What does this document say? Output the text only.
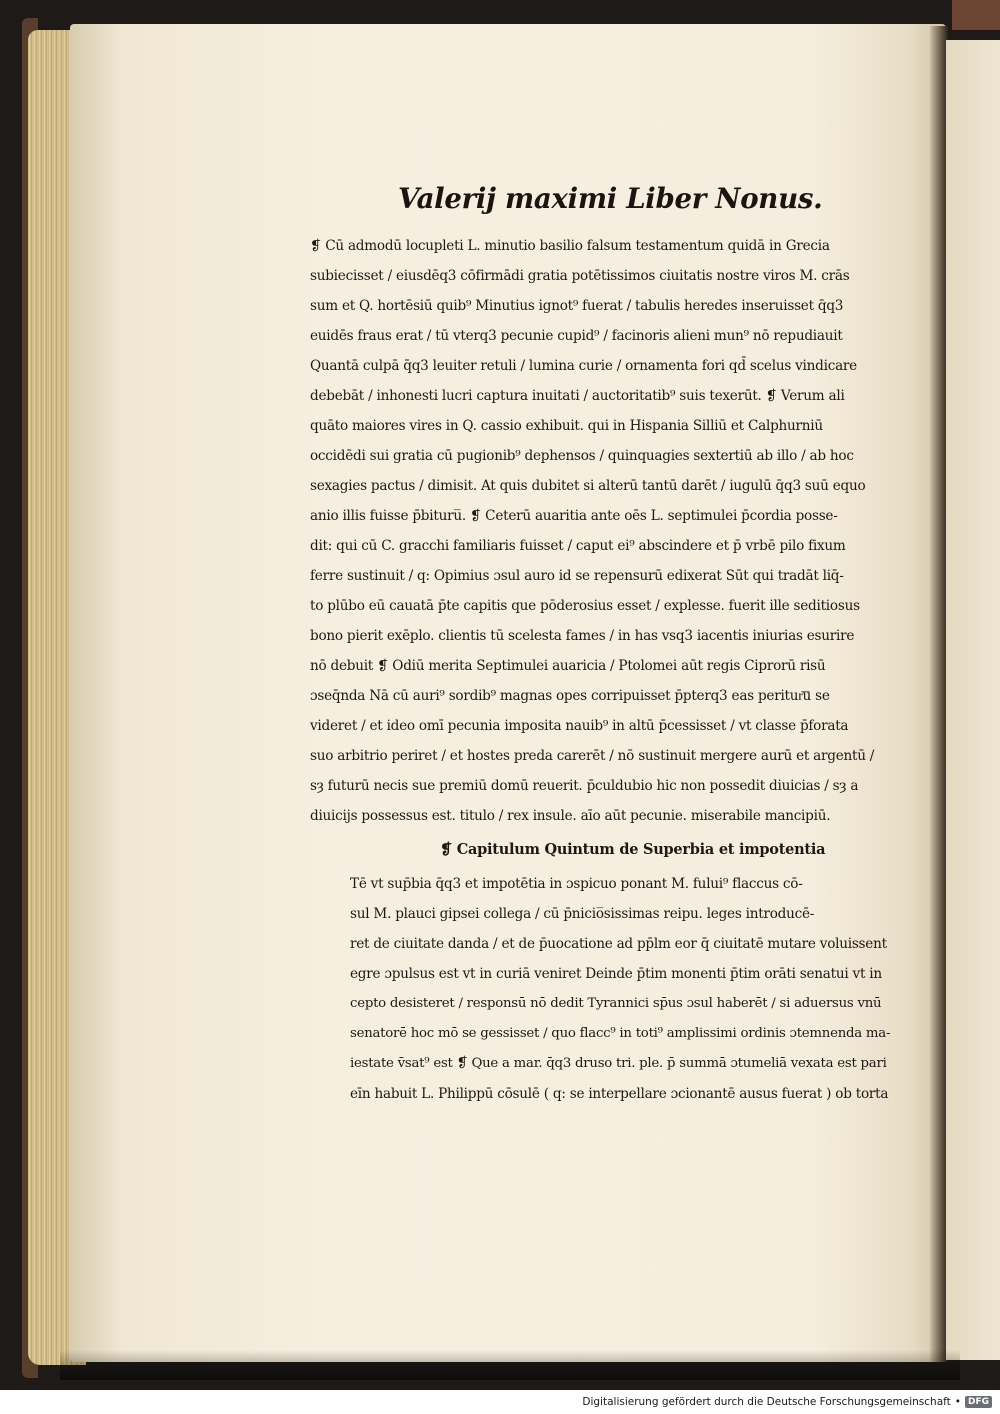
Valerij maximi Liber Nonus.
❡ Cū admodū locupleti L. minutio basilio falsum testamentum quidā in Grecia
subiecisset / eiusdēq3 cōfirmādi gratia potētissimos ciuitatis nostre viros M. crās
sum et Q. hortēsiū quib⁹ Minutius ignot⁹ fuerat / tabulis heredes inseruisset q̄q3
euidēs fraus erat / tū vterq3 pecunie cupid⁹ / facinoris alieni mun⁹ nō repudiauit
Quantā culpā q̄q3 leuiter retuli / lumina curie / ornamenta fori qd̄ scelus vindicare
debebāt / inhonesti lucri captura inuitati / auctoritatib⁹ suis texerūt. ❡ Verum ali
quāto maiores vires in Q. cassio exhibuit. qui in Hispania Silliū et Calphurniū
occidēdi sui gratia cū pugionib⁹ dephensos / quinquagies sextertiū ab illo / ab hoc
sexagies pactus / dimisit. At quis dubitet si alterū tantū darēt / iugulū q̄q3 suū equo
anio illis fuisse p̄bituru̅. ❡ Ceterū auaritia ante oēs L. septimulei p̄cordia posse-
dit: qui cū C. gracchi familiaris fuisset / caput ei⁹ abscindere et p̄ vrbē pilo fixum
ferre sustinuit / q: Opimius ɔsul auro id se repensurū edixerat Sūt qui tradāt liq̄-
to plūbo eū cauatā p̄te capitis que pōderosius esset / explesse. fuerit ille seditiosus
bono pierit exēplo. clientis tū scelesta fames / in has vsq3 iacentis iniurias esurire
nō debuit ❡ Odiū merita Septimulei auaricia / Ptolomei aūt regis Ciprorū risū
ɔseq̄nda Nā cū auri⁹ sordib⁹ magnas opes corripuisset p̄pterq3 eas peritur͞u se
videret / et ideo omī pecunia imposita nauib⁹ in altū p̄cessisset / vt classe p̄forata
suo arbitrio periret / et hostes preda carerēt / nō sustinuit mergere aurū et argentū /
sȝ futurū necis sue premiū domū reuerit. p̄culdubio hic non possedit diuicias / sȝ a
diuicijs possessus est. titulo / rex insule. aīo aūt pecunie. miserabile mancipiū.
❡ Capitulum Quintum de Superbia et impotentia
Tē vt sup̄bia q̄q3 et impotētia in ɔspicuo ponant M. fului⁹ flaccus cō-
sul M. plauci gipsei collega / cū p̄nicio̅sissimas reipu. leges introducē-
ret de ciuitate danda / et de p̄uocatione ad pp̄lm eor q̄ ciuitatē mutare voluissent
egre ɔpulsus est vt in curiā veniret Deinde p̄tim monenti p̄tim orāti senatui vt in
cepto desisteret / responsū nō dedit Tyrannici sp̄us ɔsul haberēt / si aduersus vnū
senatorē hoc mō se gessisset / quo flacc⁹ in toti⁹ amplissimi ordinis ɔtemnenda ma-
iestate v̄sat⁹ est ❡ Que a mar. q̄q3 druso tri. ple. p̄ summā ɔtumeliā vexata est pari
eīn habuit L. Philippū cōsulē ( q: se interpellare ɔcionantē ausus fuerat ) ob torta
Digitalisierung gefördert durch die Deutsche Forschungsgemeinschaft • DFG
